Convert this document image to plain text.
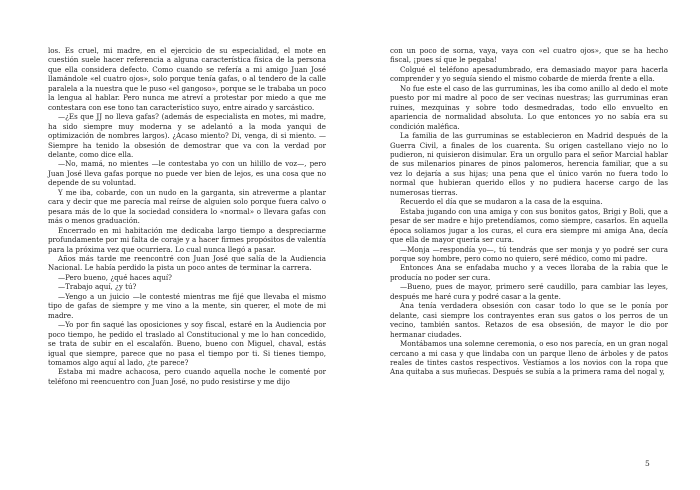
los. Es cruel, mi madre, en el ejercicio de su especialidad, el mote en cuestión suele hacer referencia a alguna característica física de la persona que ella considera defecto. Como cuando se refería a mi amigo Juan José llamándole «el cuatro ojos», solo porque tenía gafas, o al tendero de la calle paralela a la nuestra que le puso «el gangoso», porque se le trababa un poco la lengua al hablar. Pero nunca me atreví a protestar por miedo a que me contestara con ese tono tan característico suyo, entre airado y sarcástico.

—¿Es que JJ no lleva gafas? (además de especialista en motes, mi madre, ha sido siempre muy moderna y se adelantó a la moda yanqui de optimización de nombres largos). ¿Acaso miento? Di, venga, di si miento. —Siempre ha tenido la obsesión de demostrar que va con la verdad por delante, como dice ella.

—No, mamá, no mientes —le contestaba yo con un hilillo de voz—, pero Juan José lleva gafas porque no puede ver bien de lejos, es una cosa que no depende de su voluntad.

Y me iba, cobarde, con un nudo en la garganta, sin atreverme a plantar cara y decir que me parecía mal reírse de alguien solo porque fuera calvo o pesara más de lo que la sociedad considera lo «normal» o llevara gafas con más o menos graduación.

Encerrado en mi habitación me dedicaba largo tiempo a despreciarme profundamente por mi falta de coraje y a hacer firmes propósitos de valentía para la próxima vez que ocurriera. Lo cual nunca llegó a pasar.

Años más tarde me reencontré con Juan José que salía de la Audiencia Nacional. Le había perdido la pista un poco antes de terminar la carrera.

—Pero bueno, ¿qué haces aquí?

—Trabajo aquí, ¿y tú?

—Yengo a un juicio —le contesté mientras me fijé que llevaba el mismo tipo de gafas de siempre y me vino a la mente, sin querer, el mote de mi madre.

—Yo por fin saqué las oposiciones y soy fiscal, estaré en la Audiencia por poco tiempo, he pedido el traslado al Constitucional y me lo han concedido, se trata de subir en el escalafón. Bueno, bueno con Miguel, chaval, estás igual que siempre, parece que no pasa el tiempo por ti. Si tienes tiempo, tomamos algo aquí al lado, ¿te parece?

Estaba mi madre achacosa, pero cuando aquella noche le comenté por teléfono mi reencuentro con Juan José, no pudo resistirse y me dijo

con un poco de sorna, vaya, vaya con «el cuatro ojos», que se ha hecho fiscal, ¡pues sí que le pegaba!

Colgué el teléfono apesadumbrado, era demasiado mayor para hacerla comprender y yo seguía siendo el mismo cobarde de mierda frente a ella.

No fue este el caso de las gurruminas, les iba como anillo al dedo el mote puesto por mi madre al poco de ser vecinas nuestras; las gurruminas eran ruines, mezquinas y sobre todo desmedradas, todo ello envuelto en apariencia de normalidad absoluta. Lo que entonces yo no sabía era su condición maléfica.

La familia de las gurruminas se establecieron en Madrid después de la Guerra Civil, a finales de los cuarenta. Su origen castellano viejo no lo pudieron, ni quisieron disimular. Era un orgullo para el señor Marcial hablar de sus milenarios pinares de pinos palomeros, herencia familiar, que a su vez lo dejaría a sus hijas; una pena que el único varón no fuera todo lo normal que hubieran querido ellos y no pudiera hacerse cargo de las numerosas tierras.

Recuerdo el día que se mudaron a la casa de la esquina.

Estaba jugando con una amiga y con sus bonitos gatos, Brigi y Boli, que a pesar de ser madre e hijo pretendíamos, como siempre, casarlos. En aquella época soliamos jugar a los curas, el cura era siempre mi amiga Ana, decía que ella de mayor quería ser cura.

—Monja —respondía yo—, tú tendrás que ser monja y yo podré ser cura porque soy hombre, pero como no quiero, seré médico, como mi padre.

Entonces Ana se enfadaba mucho y a veces lloraba de la rabia que le producía no poder ser cura.

—Bueno, pues de mayor, primero seré caudillo, para cambiar las leyes, después me haré cura y podré casar a la gente.

Ana tenía verdadera obsesión con casar todo lo que se le ponía por delante, casi siempre los contrayentes eran sus gatos o los perros de un vecino, también santos. Retazos de esa obsesión, de mayor le dio por hermanar ciudades.

Montábamos una solemne ceremonia, o eso nos parecía, en un gran nogal cercano a mi casa y que lindaba con un parque lleno de árboles y de patos reales de tintes castos respectivos. Vestíamos a los novios con la ropa que Ana quitaba a sus muñecas. Después se subía a la primera rama del nogal y,

5
